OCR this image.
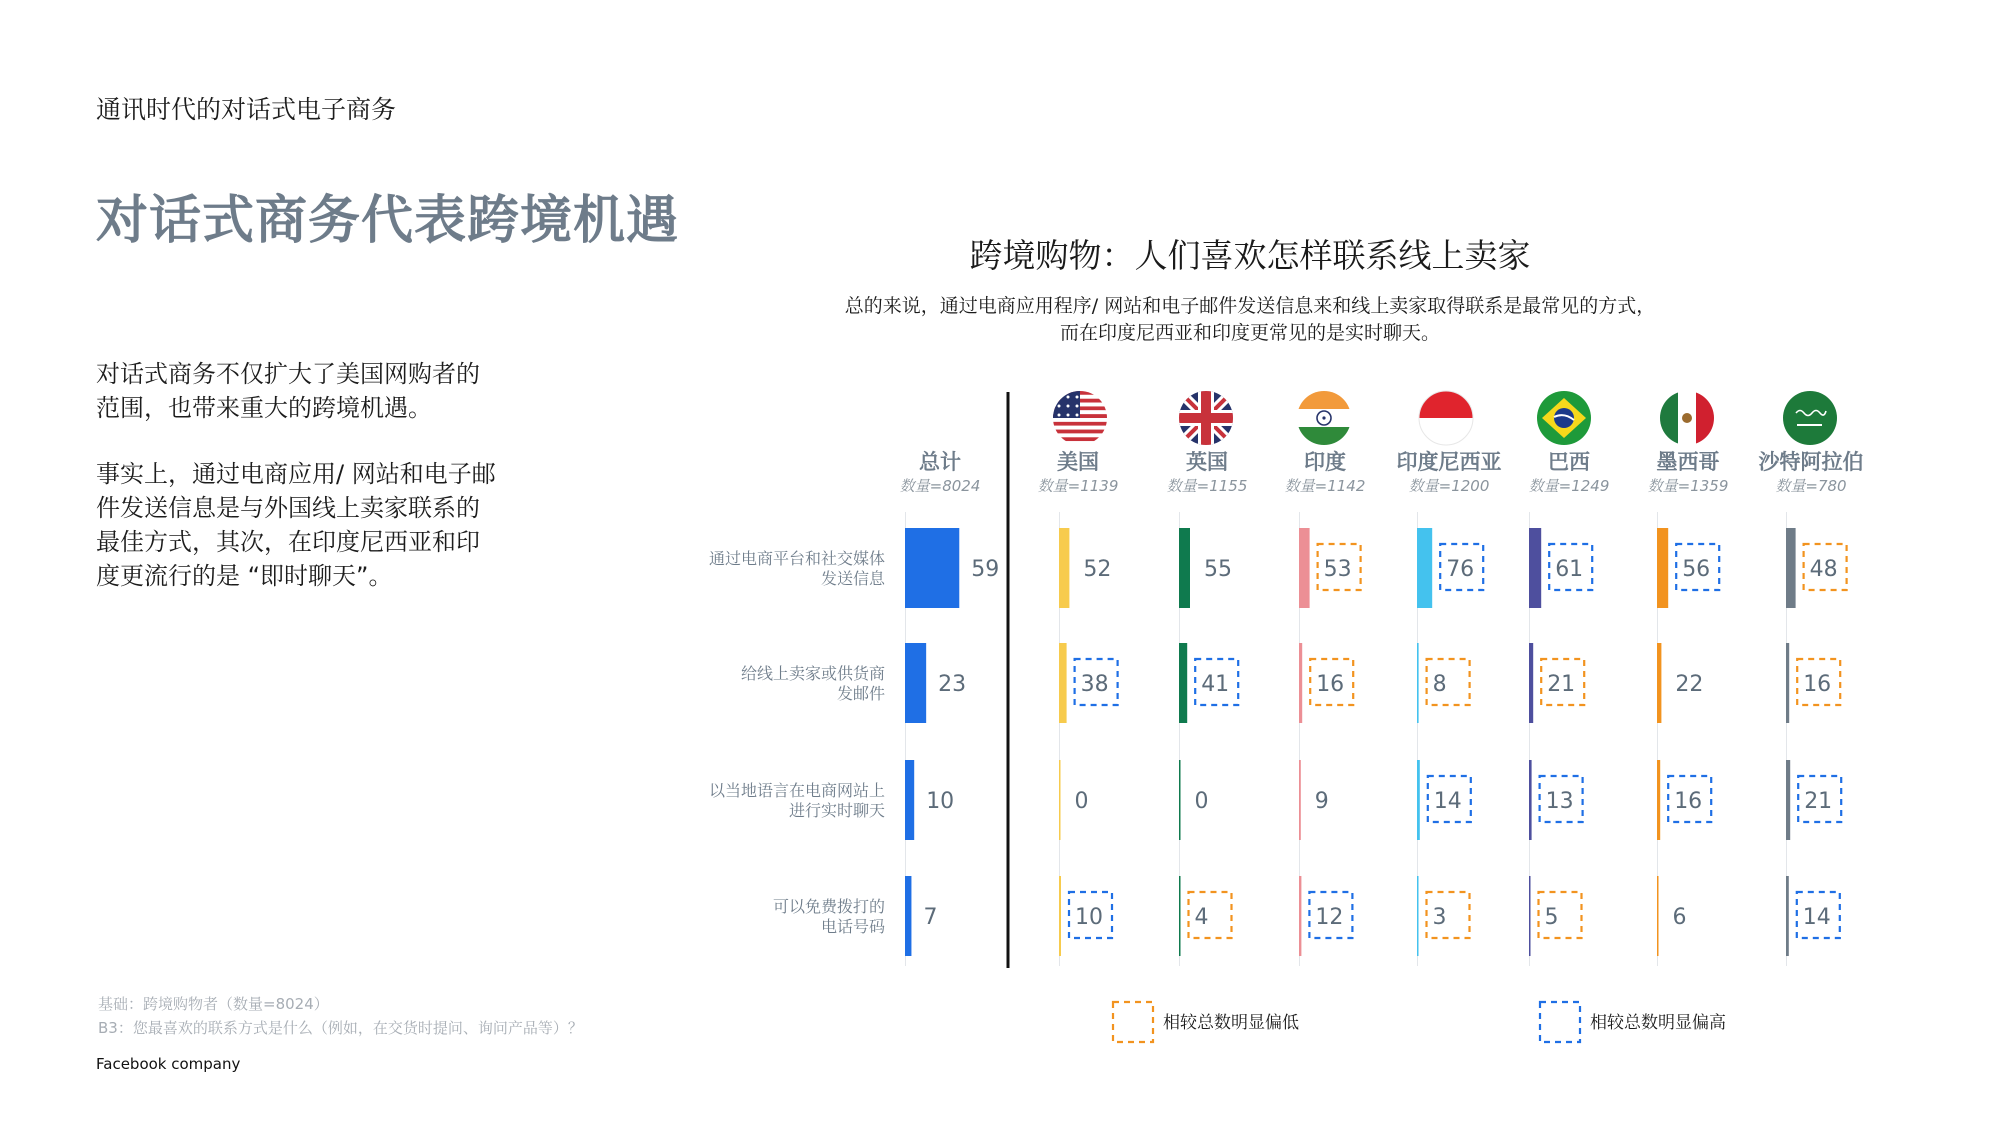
通讯时代的对话式电子商务
对话式商务代表跨境机遇
对话式商务不仅扩大了美国网购者的范围，也带来重大的跨境机遇。
事实上，通过电商应用/ 网站和电子邮件发送信息是与外国线上卖家联系的最佳方式，其次，在印度尼西亚和印度更流行的是 “即时聊天”。
跨境购物：人们喜欢怎样联系线上卖家
总的来说，通过电商应用程序/ 网站和电子邮件发送信息来和线上卖家取得联系是最常见的方式，
而在印度尼西亚和印度更常见的是实时聊天。
通过电商平台和社交媒体
发送信息
给线上卖家或供货商
发邮件
以当地语言在电商网站上
进行实时聊天
可以免费拨打的
电话号码
总计
数量=8024
59
23
10
7
美国
数量=1139
52
38
0
10
英国
数量=1155
55
41
0
4
印度
数量=1142
53
16
9
12
印度尼西亚
数量=1200
76
8
14
3
巴西
数量=1249
61
21
13
5
墨西哥
数量=1359
56
22
16
6
沙特阿拉伯
数量=780
48
16
21
14
相较总数明显偏低	相较总数明显偏高
基础：跨境购物者（数量=8024）
B3：您最喜欢的联系方式是什么（例如，在交货时提问、询问产品等）？
Facebook company
